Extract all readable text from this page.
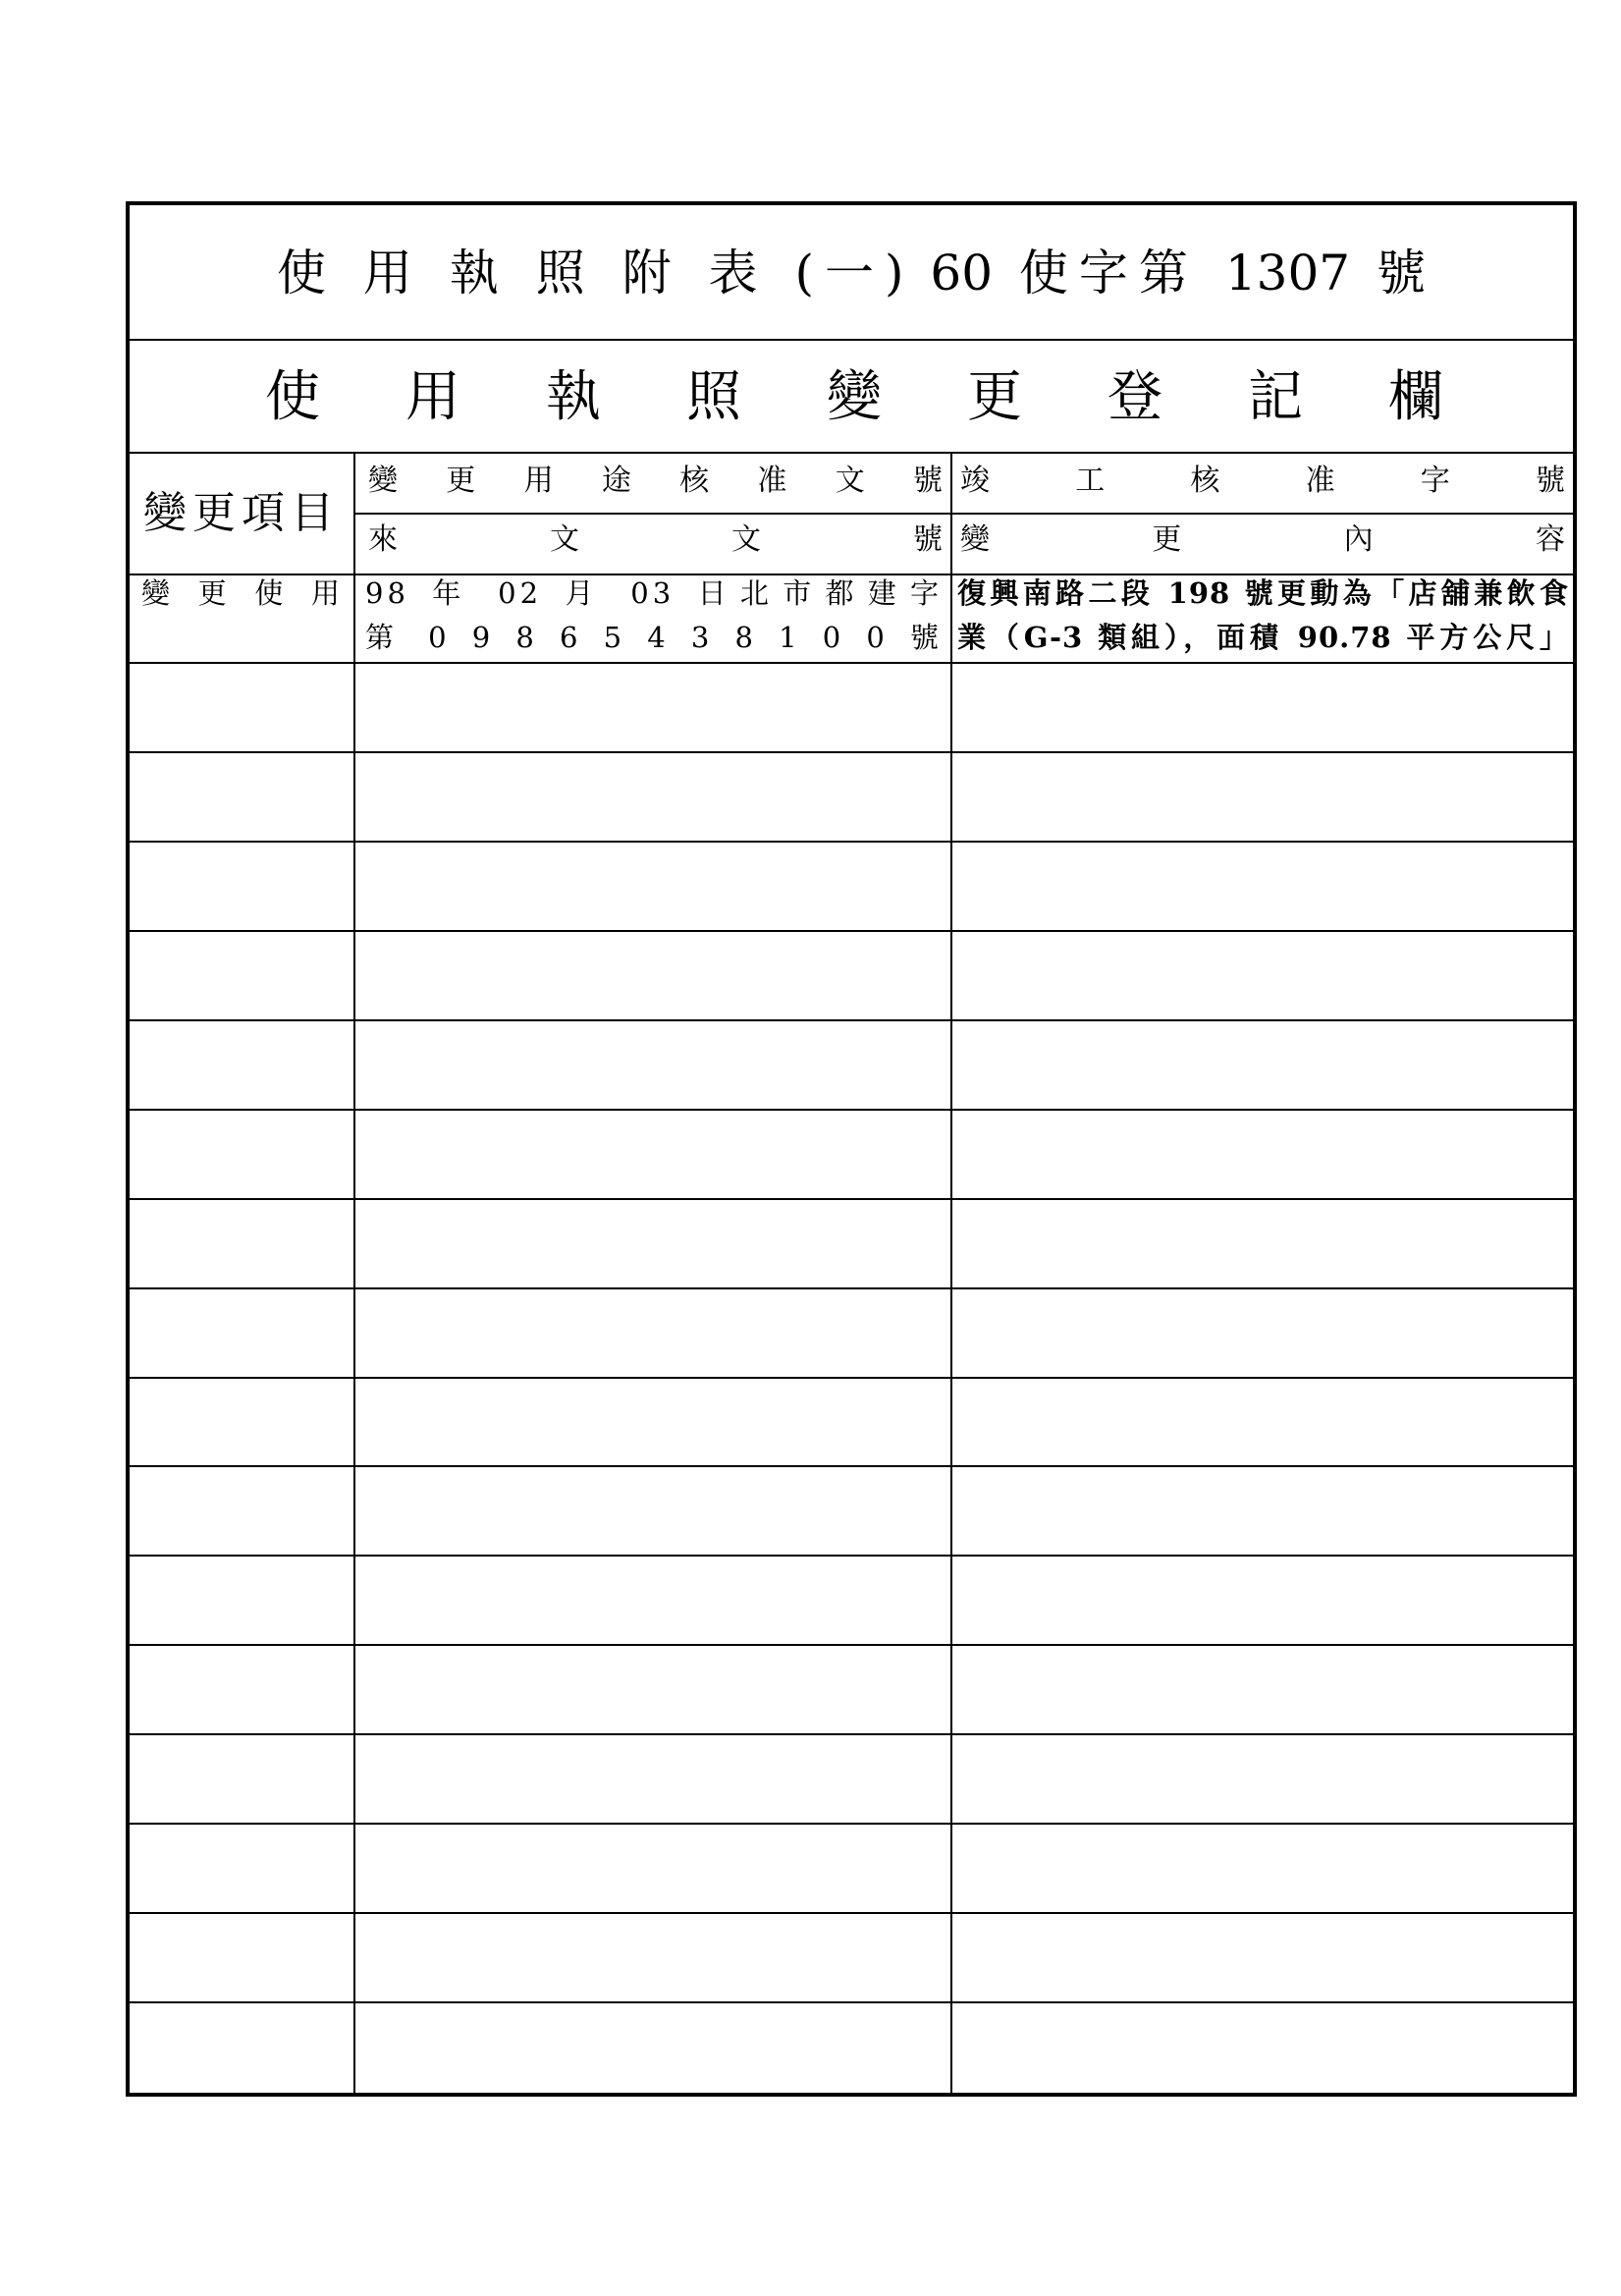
使 用 執 照 附 表 (一) 60 使字第 1307 號
使 用 執 照 變 更 登 記 欄
變更項目
變 更 用 途 核 准 文 號
來 文 文 號
竣 工 核 准 字 號
變 更 內 容
變 更 使 用 98 年 02 月 03 日北市都建字
第 0 9 8 6 5 4 3 8 1 0 0 號
復興南路二段 198 號更動為「店舖兼飲食
業（G-3 類組），面積 90.78 平方公尺」
